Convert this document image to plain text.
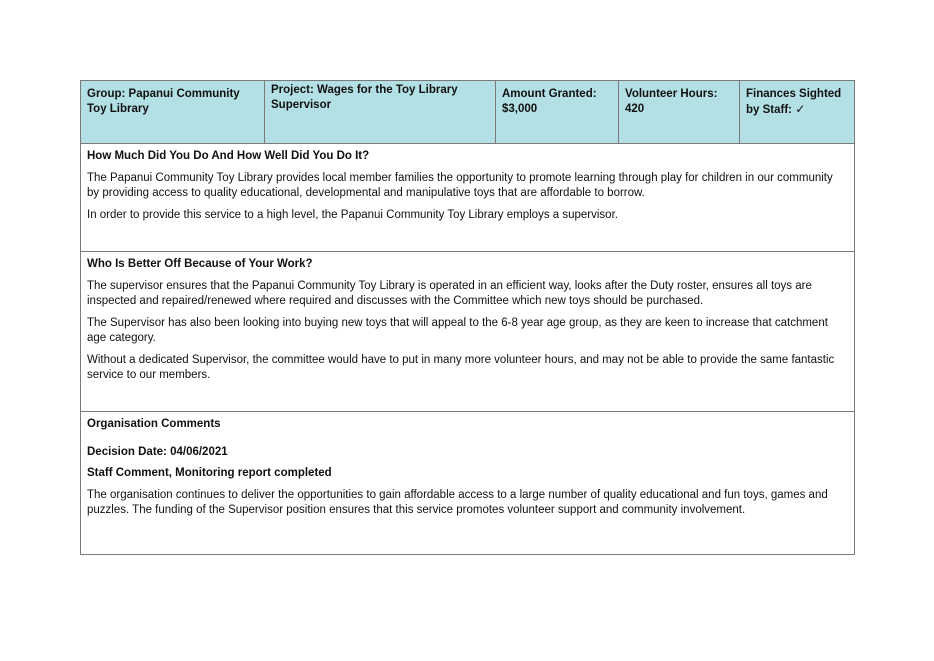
Group: Papanui Community Toy Library
Project: Wages for the Toy Library Supervisor
Amount Granted:
$3,000
Volunteer Hours:
420
Finances Sighted by Staff: ✓

How Much Did You Do And How Well Did You Do It?

The Papanui Community Toy Library provides local member families the opportunity to promote learning through play for children in our community by providing access to quality educational, developmental and manipulative toys that are affordable to borrow.

In order to provide this service to a high level, the Papanui Community Toy Library employs a supervisor.

Who Is Better Off Because of Your Work?

The supervisor ensures that the Papanui Community Toy Library is operated in an efficient way, looks after the Duty roster, ensures all toys are inspected and repaired/renewed where required and discusses with the Committee which new toys should be purchased.

The Supervisor has also been looking into buying new toys that will appeal to the 6-8 year age group, as they are keen to increase that catchment age category.

Without a dedicated Supervisor, the committee would have to put in many more volunteer hours, and may not be able to provide the same fantastic service to our members.

Organisation Comments

Decision Date: 04/06/2021

Staff Comment, Monitoring report completed

The organisation continues to deliver the opportunities to gain affordable access to a large number of quality educational and fun toys, games and puzzles. The funding of the Supervisor position ensures that this service promotes volunteer support and community involvement.
